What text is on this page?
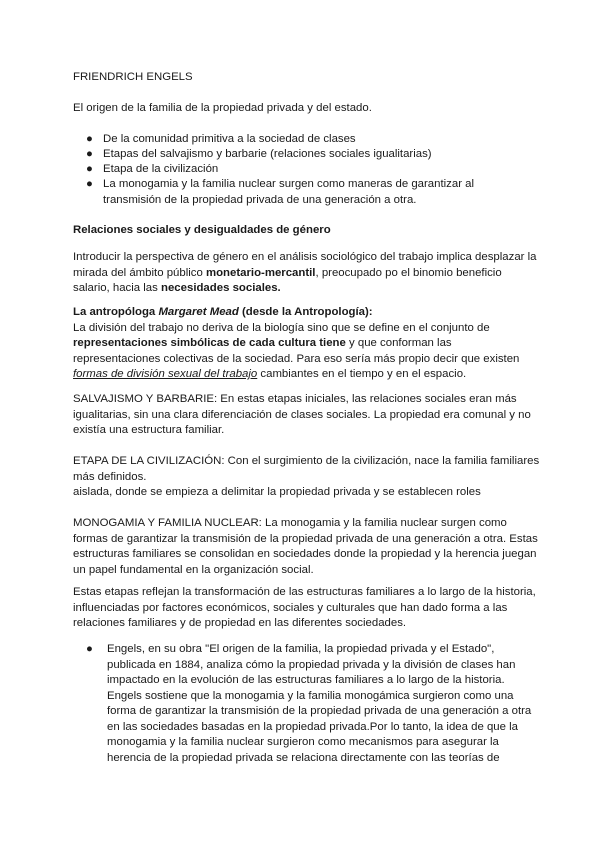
FRIENDRICH ENGELS
El origen de la familia de la propiedad privada y del estado.
● De la comunidad primitiva a la sociedad de clases
● Etapas del salvajismo y barbarie (relaciones sociales igualitarias)
● Etapa de la civilización
● La monogamia y la familia nuclear surgen como maneras de garantizar al
transmisión de la propiedad privada de una generación a otra.
Relaciones sociales y desigualdades de género
Introducir la perspectiva de género en el análisis sociológico del trabajo implica desplazar la
mirada del ámbito público monetario-mercantil, preocupado po el binomio beneficio
salario, hacia las necesidades sociales.
La antropóloga Margaret Mead (desde la Antropología):
La división del trabajo no deriva de la biología sino que se define en el conjunto de
representaciones simbólicas de cada cultura tiene y que conforman las
representaciones colectivas de la sociedad. Para eso sería más propio decir que existen
formas de división sexual del trabajo cambiantes en el tiempo y en el espacio.
SALVAJISMO Y BARBARIE: En estas etapas iniciales, las relaciones sociales eran más
igualitarias, sin una clara diferenciación de clases sociales. La propiedad era comunal y no
existía una estructura familiar.
ETAPA DE LA CIVILIZACIÓN: Con el surgimiento de la civilización, nace la familia familiares
más definidos.
aislada, donde se empieza a delimitar la propiedad privada y se establecen roles
MONOGAMIA Y FAMILIA NUCLEAR: La monogamia y la familia nuclear surgen como
formas de garantizar la transmisión de la propiedad privada de una generación a otra. Estas
estructuras familiares se consolidan en sociedades donde la propiedad y la herencia juegan
un papel fundamental en la organización social.
Estas etapas reflejan la transformación de las estructuras familiares a lo largo de la historia,
influenciadas por factores económicos, sociales y culturales que han dado forma a las
relaciones familiares y de propiedad en las diferentes sociedades.
●	Engels, en su obra "El origen de la familia, la propiedad privada y el Estado",
publicada en 1884, analiza cómo la propiedad privada y la división de clases han
impactado en la evolución de las estructuras familiares a lo largo de la historia.
Engels sostiene que la monogamia y la familia monogámica surgieron como una
forma de garantizar la transmisión de la propiedad privada de una generación a otra
en las sociedades basadas en la propiedad privada.Por lo tanto, la idea de que la
monogamia y la familia nuclear surgieron como mecanismos para asegurar la
herencia de la propiedad privada se relaciona directamente con las teorías de
